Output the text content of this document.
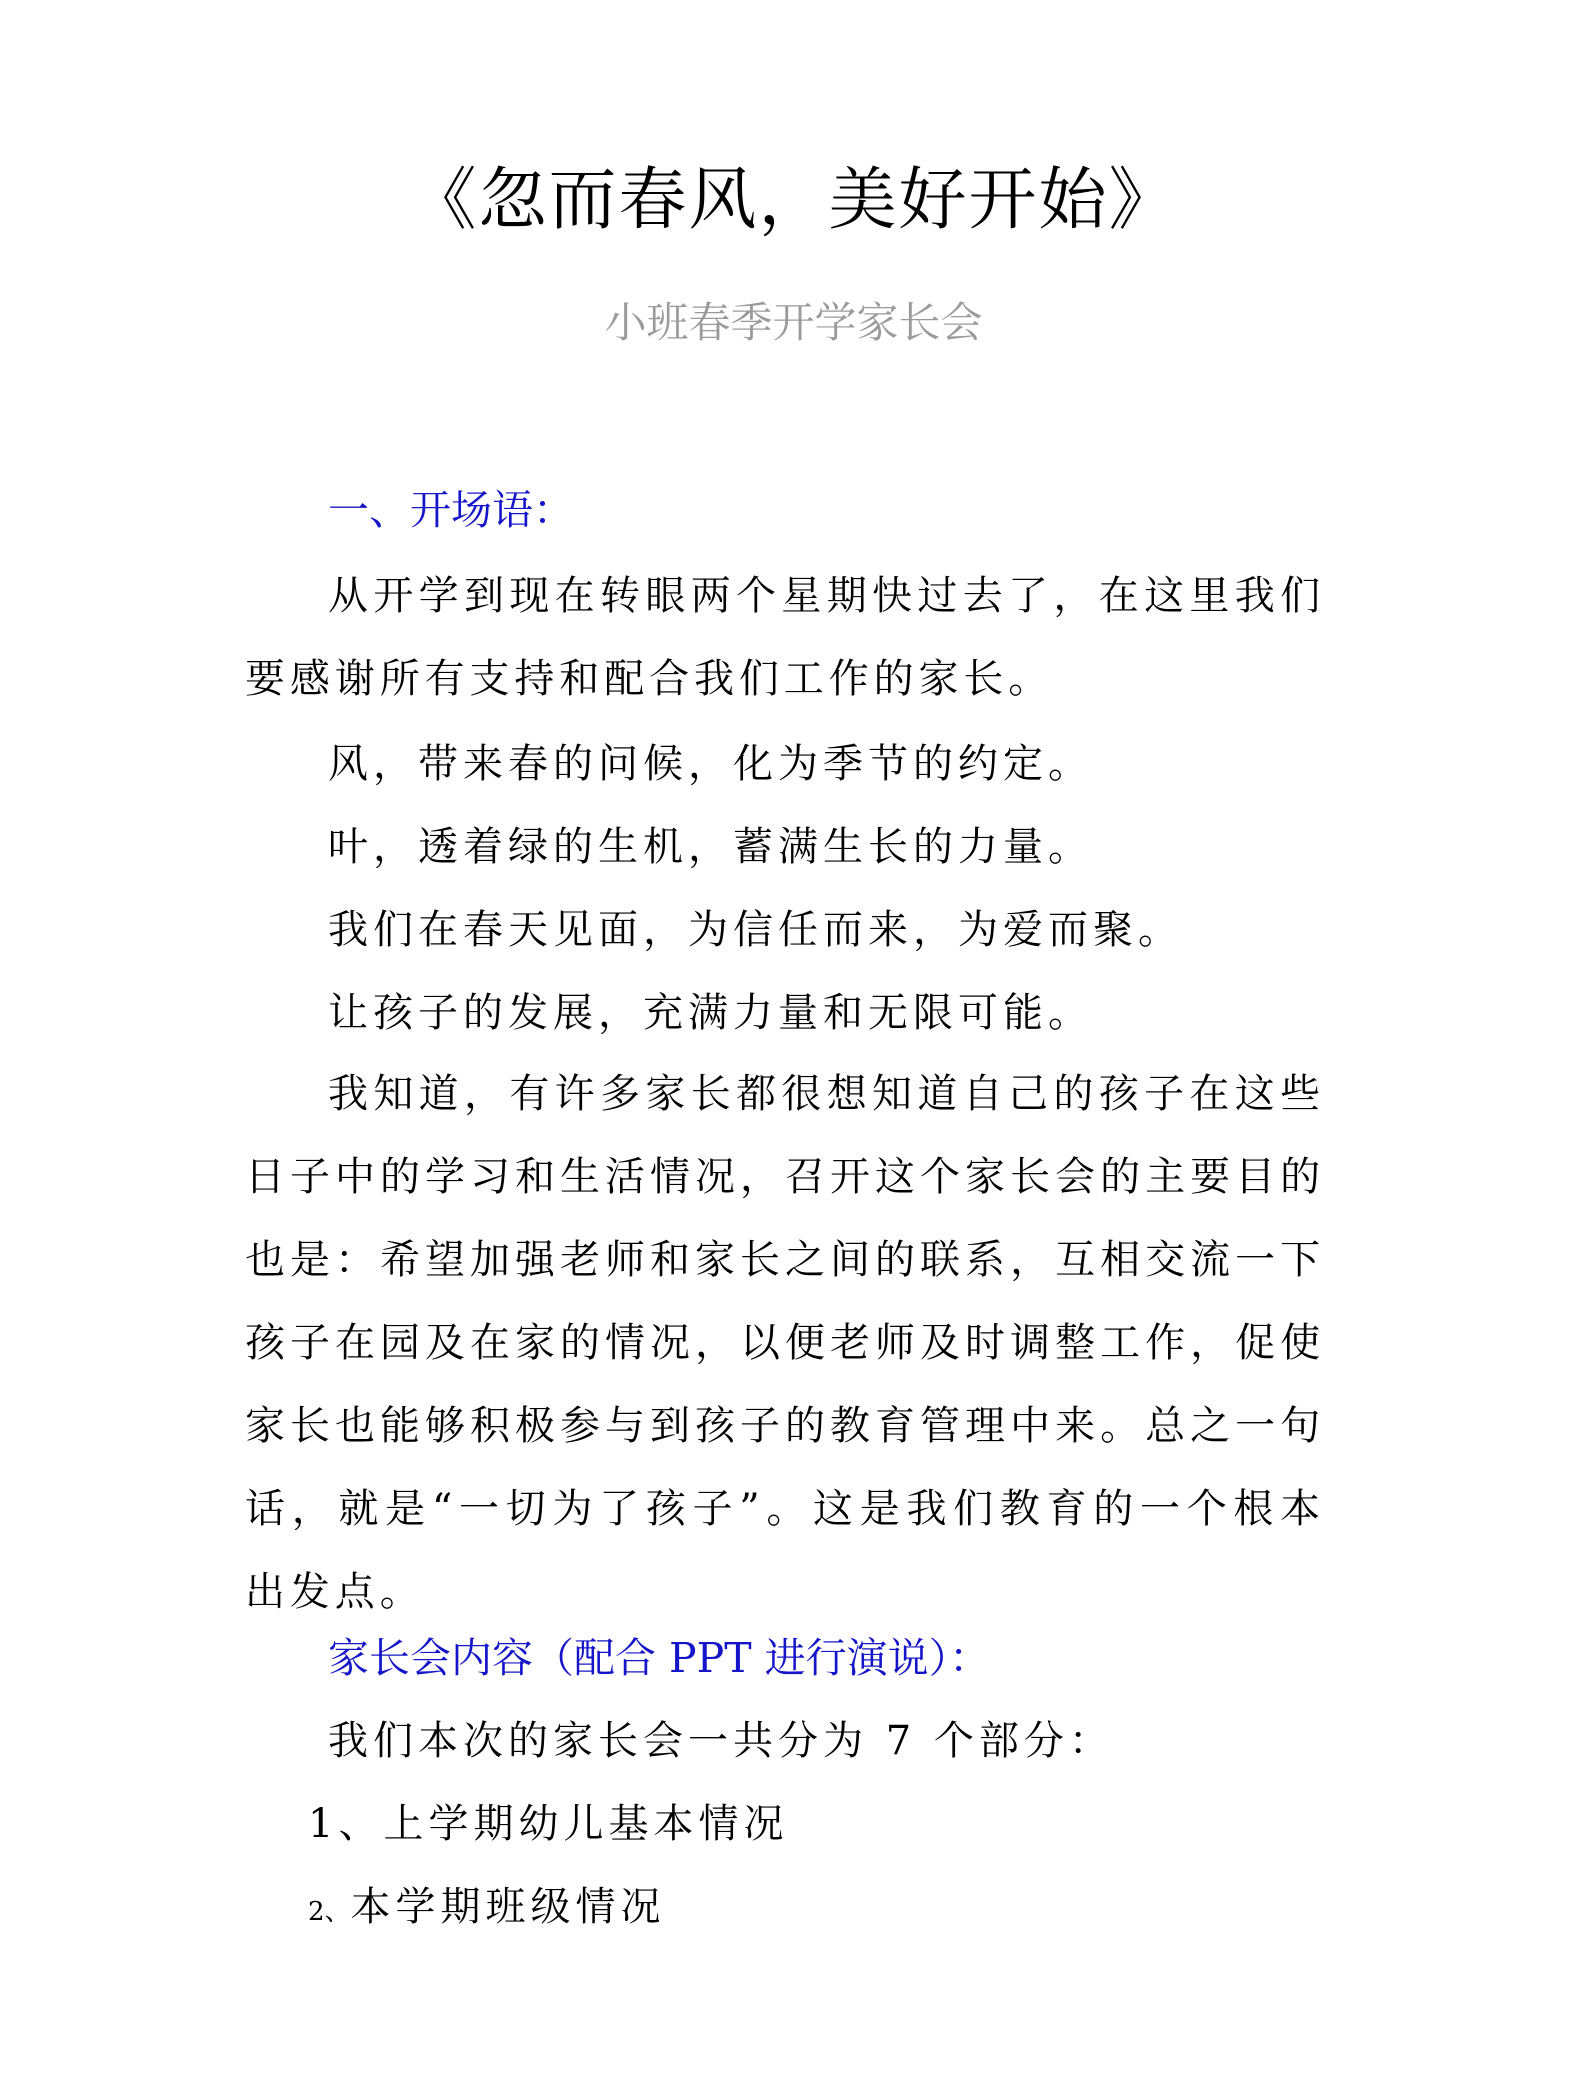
《忽而春风，美好开始》
小班春季开学家长会
一、开场语：
从开学到现在转眼两个星期快过去了，在这里我们要感谢所有支持和配合我们工作的家长。
风，带来春的问候，化为季节的约定。
叶，透着绿的生机，蓄满生长的力量。
我们在春天见面，为信任而来，为爱而聚。
让孩子的发展，充满力量和无限可能。
我知道，有许多家长都很想知道自己的孩子在这些日子中的学习和生活情况，召开这个家长会的主要目的也是：希望加强老师和家长之间的联系，互相交流一下孩子在园及在家的情况，以便老师及时调整工作，促使家长也能够积极参与到孩子的教育管理中来。总之一句话，就是“一切为了孩子”。这是我们教育的一个根本出发点。
家长会内容（配合 PPT 进行演说）：
我们本次的家长会一共分为 7 个部分：
1、上学期幼儿基本情况
2、本学期班级情况
